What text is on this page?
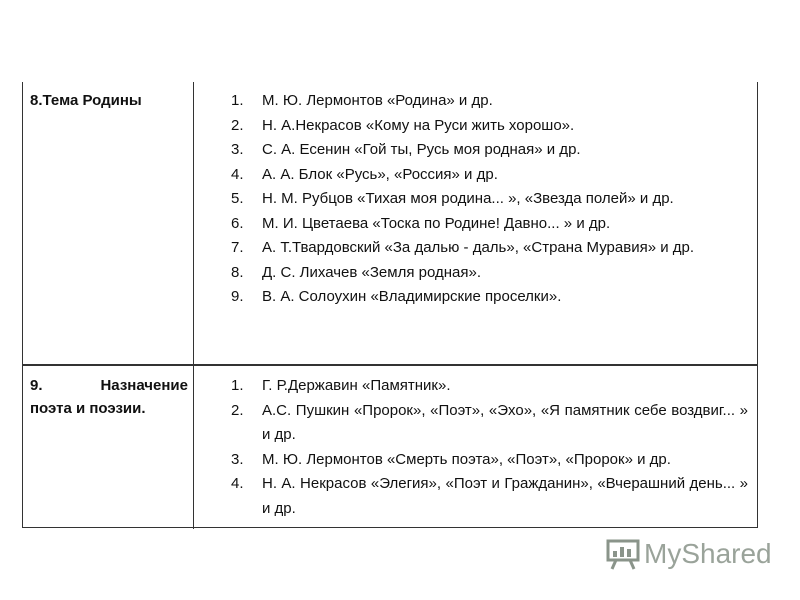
8.Тема Родины	1. М. Ю. Лермонтов «Родина» и др.
2. Н. А.Некрасов «Кому на Руси жить хорошо».
3. С. А. Есенин «Гой ты, Русь моя родная» и др.
4. А. А. Блок «Русь», «Россия» и др.
5. Н. М. Рубцов «Тихая моя родина... », «Звезда полей» и др.
6. М. И. Цветаева «Тоска по Родине! Давно... » и др.
7. А. Т.Твардовский «За далью - даль», «Страна Муравия» и др.
8. Д. С. Лихачев «Земля родная».
9. В. А. Солоухин «Владимирские проселки».
9.	Назначение
поэта и поэзии.
1. Г. Р.Державин «Памятник».
2. А.С. Пушкин «Пророк», «Поэт», «Эхо», «Я памятник себе воздвиг... » и др.
3. М. Ю. Лермонтов «Смерть поэта», «Поэт», «Пророк» и др.
4. Н. А. Некрасов «Элегия», «Поэт и Гражданин», «Вчерашний день... » и др.
MyShared
